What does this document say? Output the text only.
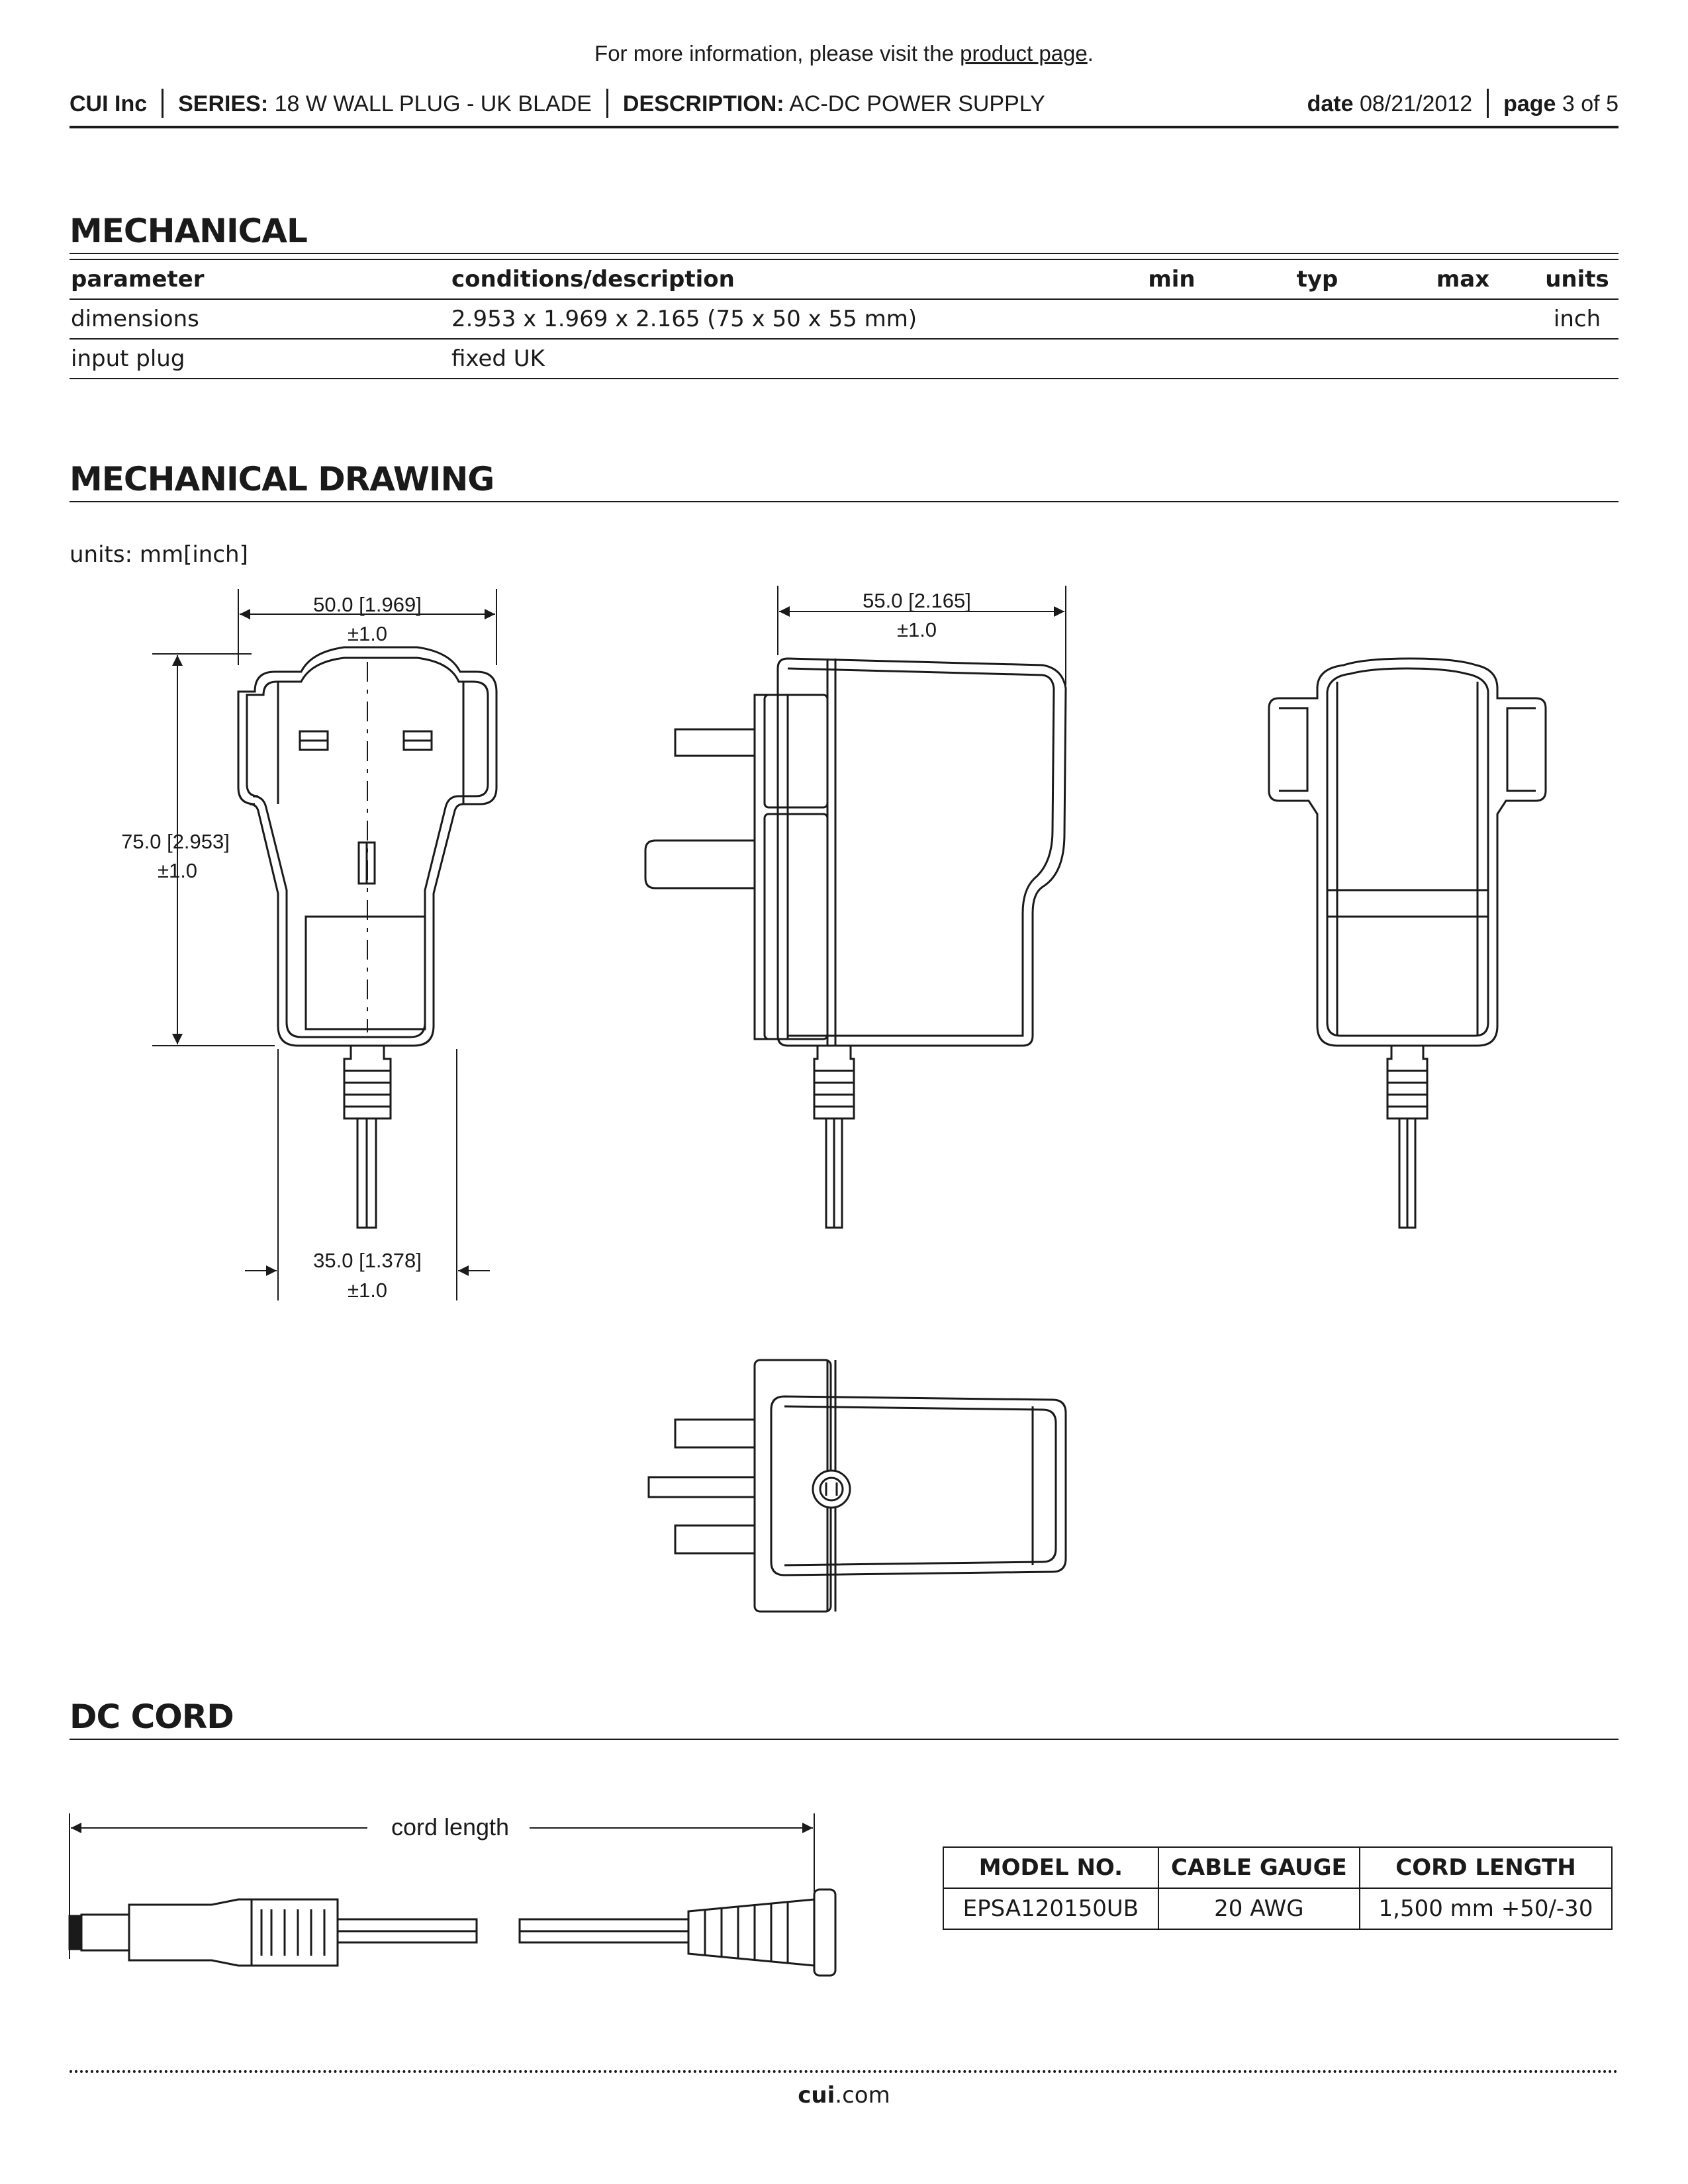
For more information, please visit the product page.
CUI Inc SERIES: 18 W WALL PLUG - UK BLADE DESCRIPTION: AC-DC POWER SUPPLY	date 08/21/2012 page 3 of 5
MECHANICAL
parameter	conditions/description	min	typ	max	units
dimensions	2.953 x 1.969 x 2.165 (75 x 50 x 55 mm)				inch
input plug	fixed UK				
MECHANICAL DRAWING
units: mm[inch]
50.0 [1.969]
±1.0
55.0 [2.165]
±1.0
75.0 [2.953]
±1.0
35.0 [1.378]
±1.0
cord length
DC CORD
MODEL NO.	CABLE GAUGE	CORD LENGTH
EPSA120150UB	20 AWG	1,500 mm +50/-30
cui.com
